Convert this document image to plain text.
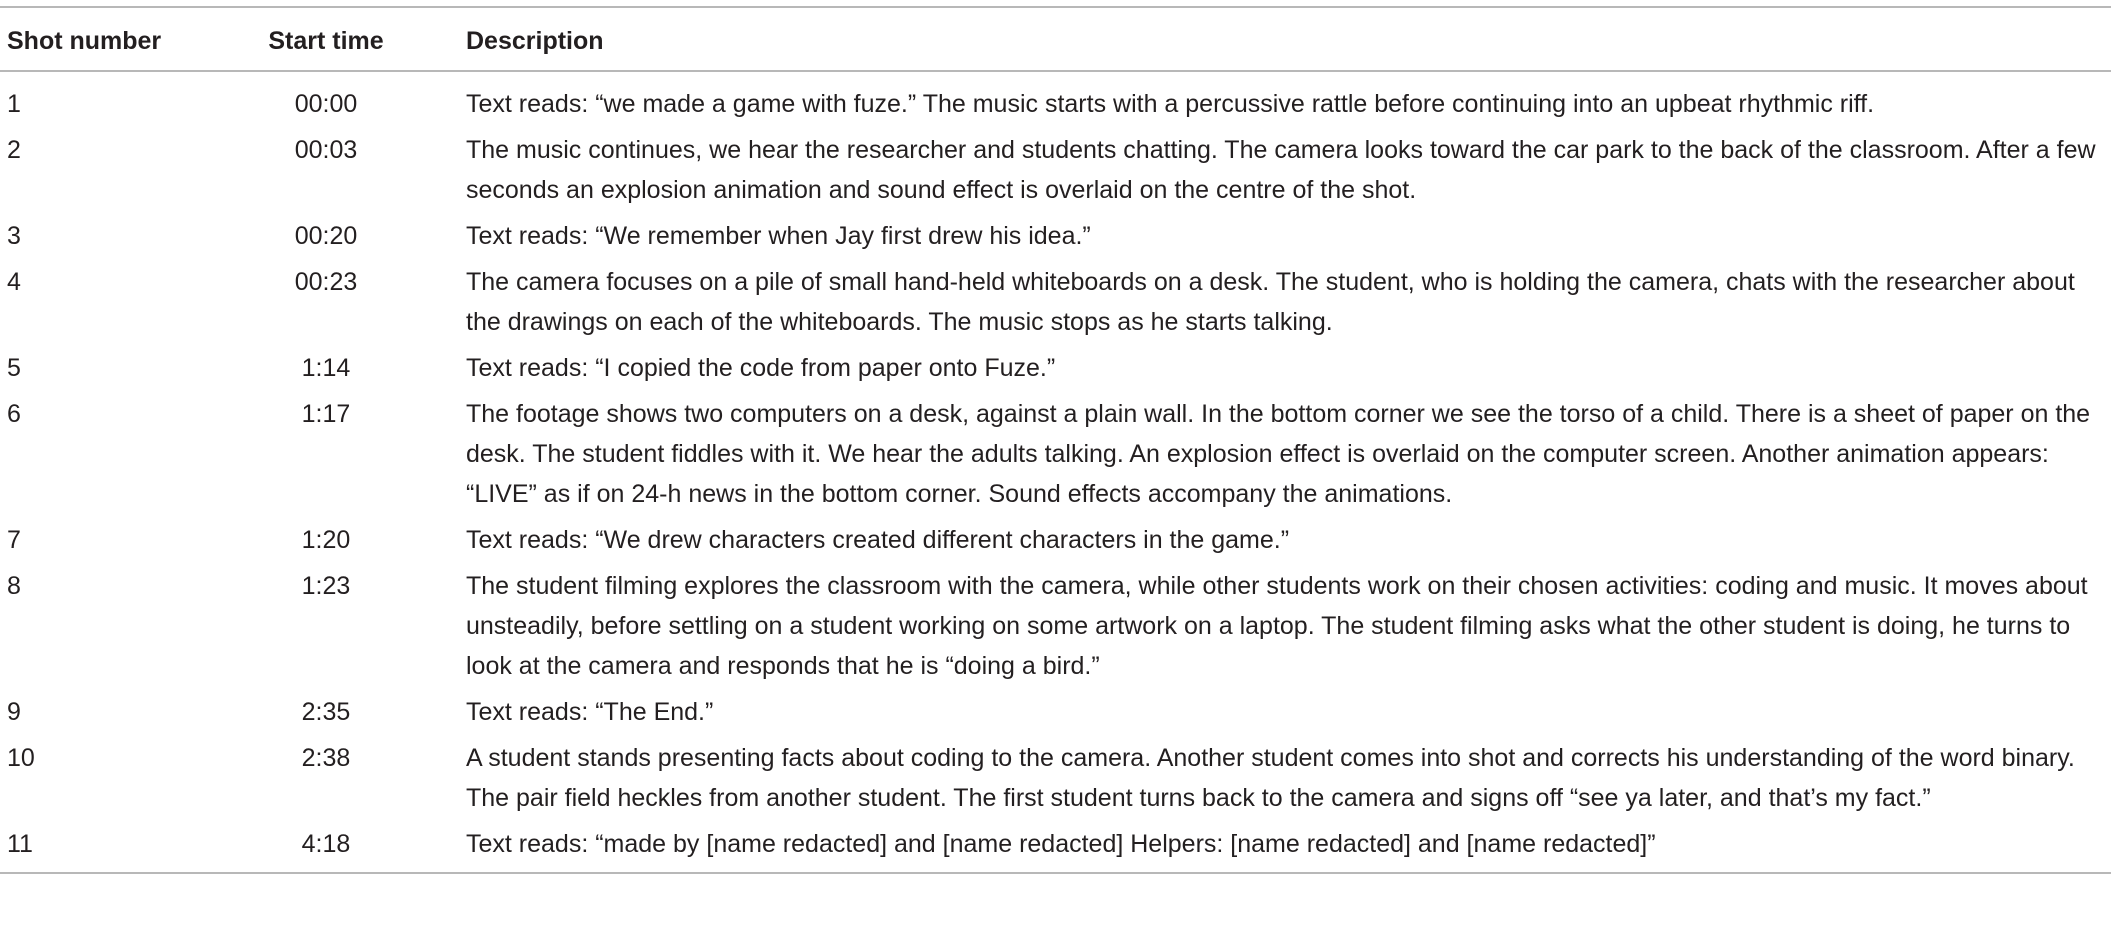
Shot number	Start time	Description
1	00:00	Text reads: “we made a game with fuze.” The music starts with a percussive rattle before continuing into an upbeat rhythmic riff.
2	00:03	The music continues, we hear the researcher and students chatting. The camera looks toward the car park to the back of the classroom. After a few seconds an explosion animation and sound effect is overlaid on the centre of the shot.
3	00:20	Text reads: “We remember when Jay first drew his idea.”
4	00:23	The camera focuses on a pile of small hand-held whiteboards on a desk. The student, who is holding the camera, chats with the researcher about the drawings on each of the whiteboards. The music stops as he starts talking.
5	1:14	Text reads: “I copied the code from paper onto Fuze.”
6	1:17	The footage shows two computers on a desk, against a plain wall. In the bottom corner we see the torso of a child. There is a sheet of paper on the desk. The student fiddles with it. We hear the adults talking. An explosion effect is overlaid on the computer screen. Another animation appears: “LIVE” as if on 24-h news in the bottom corner. Sound effects accompany the animations.
7	1:20	Text reads: “We drew characters created different characters in the game.”
8	1:23	The student filming explores the classroom with the camera, while other students work on their chosen activities: coding and music. It moves about unsteadily, before settling on a student working on some artwork on a laptop. The student filming asks what the other student is doing, he turns to look at the camera and responds that he is “doing a bird.”
9	2:35	Text reads: “The End.”
10	2:38	A student stands presenting facts about coding to the camera. Another student comes into shot and corrects his understanding of the word binary. The pair field heckles from another student. The first student turns back to the camera and signs off “see ya later, and that’s my fact.”
11	4:18	Text reads: “made by [name redacted] and [name redacted] Helpers: [name redacted] and [name redacted]”
